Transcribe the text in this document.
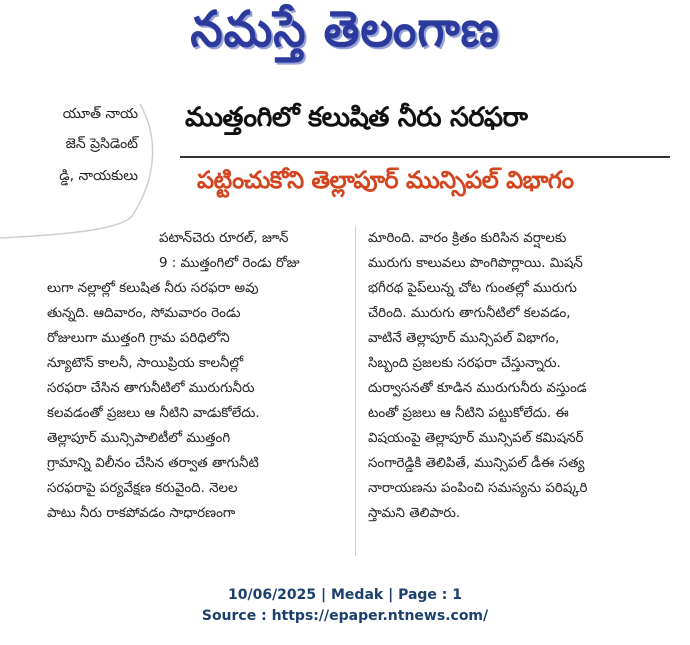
నమస్తే తెలంగాణ
యూత్ నాయ
జెన్ ప్రెసిడెంట్
డ్డి, నాయకులు
ముత్తంగిలో కలుషిత నీరు సరఫరా
పట్టించుకోని తెల్లాపూర్ మున్సిపల్ విభాగం

పటాన్‌చెరు రూరల్, జూన్

9 : ముత్తంగిలో రెండు రోజు

లుగా నల్లాల్లో కలుషిత నీరు సరఫరా అవు

తున్నది. ఆదివారం, సోమవారం రెండు

రోజులుగా ముత్తంగి గ్రామ పరిధిలోని

న్యూటౌన్ కాలనీ, సాయిప్రియ కాలనీల్లో

సరఫరా చేసిన తాగునీటిలో మురుగునీరు

కలవడంతో ప్రజలు ఆ నీటిని వాడుకోలేదు.

తెల్లాపూర్ మున్సిపాలిటీలో ముత్తంగి

గ్రామాన్ని విలీనం చేసిన తర్వాత తాగునీటి

సరఫరాపై పర్యవేక్షణ కరువైంది. నెలల

పాటు నీరు రాకపోవడం సాధారణంగా

మారింది. వారం క్రితం కురిసిన వర్షాలకు

మురుగు కాలువలు పొంగిపొర్లాయి. మిషన్

భగీరథ పైప్‌లున్న చోట గుంతల్లో మురుగు

చేరింది. మురుగు తాగునీటిలో కలవడం,

వాటినే తెల్లాపూర్ మున్సిపల్ విభాగం,

సిబ్బంది ప్రజలకు సరఫరా చేస్తున్నారు.

దుర్వాసనతో కూడిన మురుగునీరు వస్తుండ

టంతో ప్రజలు ఆ నీటిని పట్టుకోలేదు. ఈ

విషయంపై తెల్లాపూర్ మున్సిపల్ కమిషనర్

సంగారెడ్డికి తెలిపితే, మున్సిపల్ డీఈ సత్య

నారాయణను పంపించి సమస్యను పరిష్కరి

స్తామని తెలిపారు.

10/06/2025 | Medak | Page : 1
Source : https://epaper.ntnews.com/
